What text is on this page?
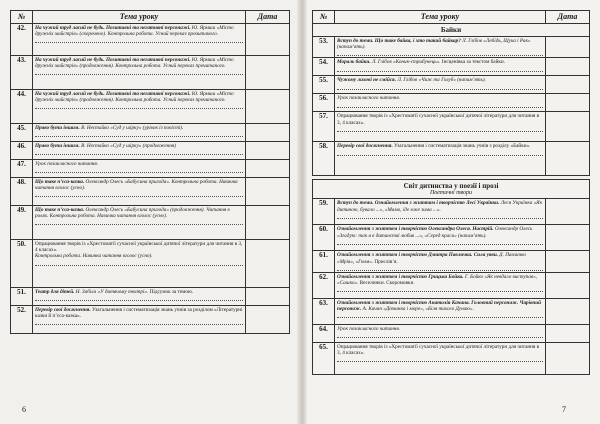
№	Тема уроку	Дата
42.	На чужий труд ласий не будь. Позитивні та негативні персонажі. Ю. Ярмиш «Місто дружніх майстрів» (скорочено). Контрольна робота. Усний переказ прочитаного.	

43.	На чужий труд ласий не будь. Позитивні та негативні персонажі. Ю. Ярмиш «Місто дружніх майстрів» (продовження). Контрольна робота. Усний переказ прочитаного.	

44.	На чужий труд ласий не будь. Позитивні та негативні персонажі. Ю. Ярмиш «Місто дружніх майстрів» (продовження). Контрольна робота. Усний переказ прочитаного.	

45.	Право бути іншим. В. Нестайко «Суд у шірку» (урівок із повісті).	

46.	Право бути іншим. В. Нестайко «Суд у шірку» (продовження)	

47.	Урок позакласного читання.	

48.	Що таке п’єса-казка. Олександр Олесь «Бабусина пригода». Контрольна робота. Навичка читання вголос (усно).	

49.	Що таке п’єса-казка. Олександр Олесь «Бабусина пригода» (продовження). Читання в ролях. Контрольна робота. Навичка читання вголос (усно).	

50.	Опрацювання творів із «Хрестоматії сучасної української дитячої літератури для читання в 3, 4 класах».
Контрольна робота. Навичка читання вголос (усно).	

51.	Театр для дітей. Н. Забіла «У дитячому театрі». Підсумок за темою.	

52.	Перевір свої досягнення. Узагальнення і систематизація знань учнів за розділом «Літературні казки й п’єса-казка».	

6
№	Тема уроку	Дата
Байки		
53.	Вступ до теми. Що таке байка, і хто такий байкар? Л. Глібов «Лебідь, Щука і Рак» (напам’ять).	

54.	Мораль байки. Л. Глібов «Коник-стрибунець». Інсценівка за текстом байки.	

55.	Чужому лихові не смійся. Л. Глібов «Чиж та Голуб» (напам’ять).	

56.	Урок позакласного читання.	

57.	Опрацювання творів із «Хрестоматії сучасної української дитячої літератури для читання в 3, 4 класах».	

58.	Перевір свої досягнення. Узагальнення і систематизація знань учнів з розділу «Байки».	

Світ дитинства у поезії і прозі
Поетичні твори		

59.	Вступ до теми. Ознайомлення з життям і творчістю Лесі Українки. Леся Українка «Як дитиною, бувало ...», «Мамо, іде вже зима ...».	

60.	Ознайомлення з життям і творчістю Олександра Олеся. Настрій. Олександр Олесь «Згадую: так я в дитинстві любив ...», «Серед краси» (напам’ять).	

61.	Ознайомлення з життям і творчістю Дмитра Павличка. Сила уяви. Д. Павличко «Мрія», «Гном». Прислів’я.	

62.	Ознайомлення з життям і творчістю Грицька Бойка. Г. Бойко «Як невдало виступав», «Сашко». Веселинки. Скоромовки.	

63.	Ознайомлення з життям і творчістю Анатолія Качана. Головний персонаж. Чарівний персонаж. А. Качан «Дівчинка і море», «Біля тихого Дунаю».	

64.	Урок позакласного читання.	

65.	Опрацювання творів із «Хрестоматії сучасної української дитячої літератури для читання в 3, 4 класах».	

7
